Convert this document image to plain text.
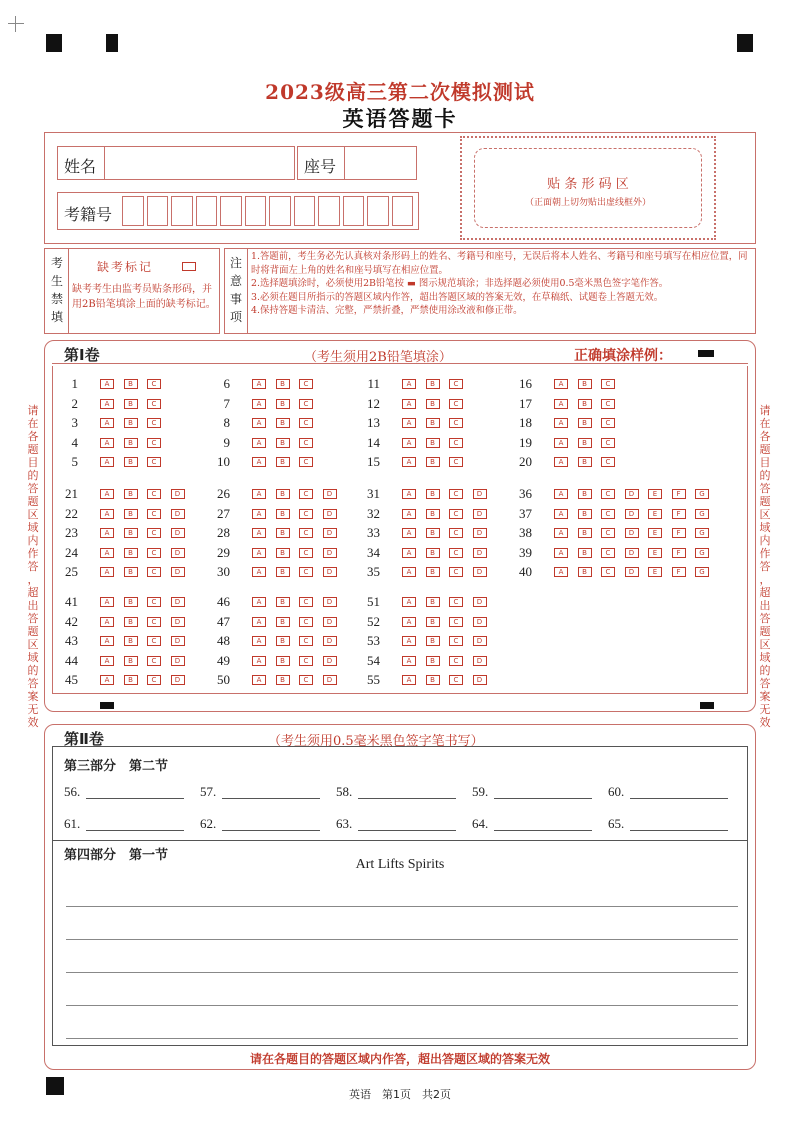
2023级高三第二次模拟测试
英语答题卡
姓名	座号
考籍号
贴 条 形 码 区
（正面朝上切勿贴出虚线框外）
考
生
禁
填
缺考标记
缺考考生由监考员贴条形码，并用2B铅笔填涂上面的缺考标记。
注
意
事
项
1.答题前，考生务必先认真核对条形码上的姓名、考籍号和座号，无误后将本人姓名、考籍号和座号填写在相应位置，同时将背面左上角的姓名和座号填写在相应位置。
2.选择题填涂时，必须使用2B铅笔按 ▬ 图示规范填涂；非选择题必须使用0.5毫米黑色签字笔作答。
3.必须在题目所指示的答题区域内作答，超出答题区域的答案无效，在草稿纸、试题卷上答题无效。
4.保持答题卡清洁、完整，严禁折叠，严禁使用涂改液和修正带。
请
在
各
题
目
的
答
题
区
域
内
作
答
，
超
出
答
题
区
域
的
答
案
无
效
请
在
各
题
目
的
答
题
区
域
内
作
答
，
超
出
答
题
区
域
的
答
案
无
效
第Ⅰ卷	（考生须用2B铅笔填涂）	正确填涂样例：
1	A	B	C
2	A	B	C
3	A	B	C
4	A	B	C
5	A	B	C
6	A	B	C
7	A	B	C
8	A	B	C
9	A	B	C
10	A	B	C
11	A	B	C
12	A	B	C
13	A	B	C
14	A	B	C
15	A	B	C
16	A	B	C
17	A	B	C
18	A	B	C
19	A	B	C
20	A	B	C
21	A	B	C	D
22	A	B	C	D
23	A	B	C	D
24	A	B	C	D
25	A	B	C	D
26	A	B	C	D
27	A	B	C	D
28	A	B	C	D
29	A	B	C	D
30	A	B	C	D
31	A	B	C	D
32	A	B	C	D
33	A	B	C	D
34	A	B	C	D
35	A	B	C	D
36	A	B	C	D	E	F	G
37	A	B	C	D	E	F	G
38	A	B	C	D	E	F	G
39	A	B	C	D	E	F	G
40	A	B	C	D	E	F	G
41	A	B	C	D
42	A	B	C	D
43	A	B	C	D
44	A	B	C	D
45	A	B	C	D
46	A	B	C	D
47	A	B	C	D
48	A	B	C	D
49	A	B	C	D
50	A	B	C	D
51	A	B	C	D
52	A	B	C	D
53	A	B	C	D
54	A	B	C	D
55	A	B	C	D
第Ⅱ卷	（考生须用0.5毫米黑色签字笔书写）
第三部分　第二节
56.	57.	58.	59.	60.
61.	62.	63.	64.	65.
第四部分　第一节
Art Lifts Spirits
请在各题目的答题区域内作答，超出答题区域的答案无效
英语　第1页　共2页
